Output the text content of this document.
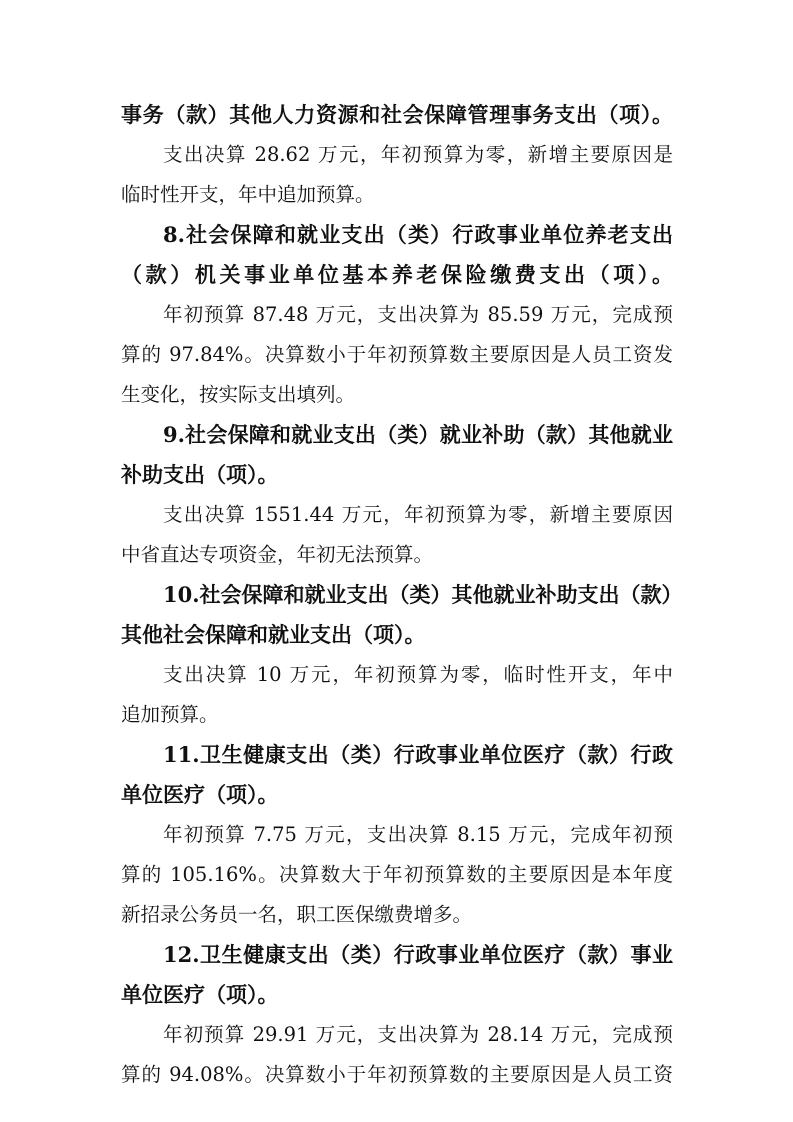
事务（款）其他人力资源和社会保障管理事务支出（项）。
支出决算 28.62 万元，年初预算为零，新增主要原因是
临时性开支，年中追加预算。
8.社会保障和就业支出（类）行政事业单位养老支出
（款）机关事业单位基本养老保险缴费支出（项）。
年初预算 87.48 万元，支出决算为 85.59 万元，完成预
算的 97.84%。决算数小于年初预算数主要原因是人员工资发
生变化，按实际支出填列。
9.社会保障和就业支出（类）就业补助（款）其他就业
补助支出（项）。
支出决算 1551.44 万元，年初预算为零，新增主要原因
中省直达专项资金，年初无法预算。
10.社会保障和就业支出（类）其他就业补助支出（款）
其他社会保障和就业支出（项）。
支出决算 10 万元，年初预算为零，临时性开支，年中
追加预算。
11.卫生健康支出（类）行政事业单位医疗（款）行政
单位医疗（项）。
年初预算 7.75 万元，支出决算 8.15 万元，完成年初预
算的 105.16%。决算数大于年初预算数的主要原因是本年度
新招录公务员一名，职工医保缴费增多。
12.卫生健康支出（类）行政事业单位医疗（款）事业
单位医疗（项）。
年初预算 29.91 万元，支出决算为 28.14 万元，完成预
算的 94.08%。决算数小于年初预算数的主要原因是人员工资
